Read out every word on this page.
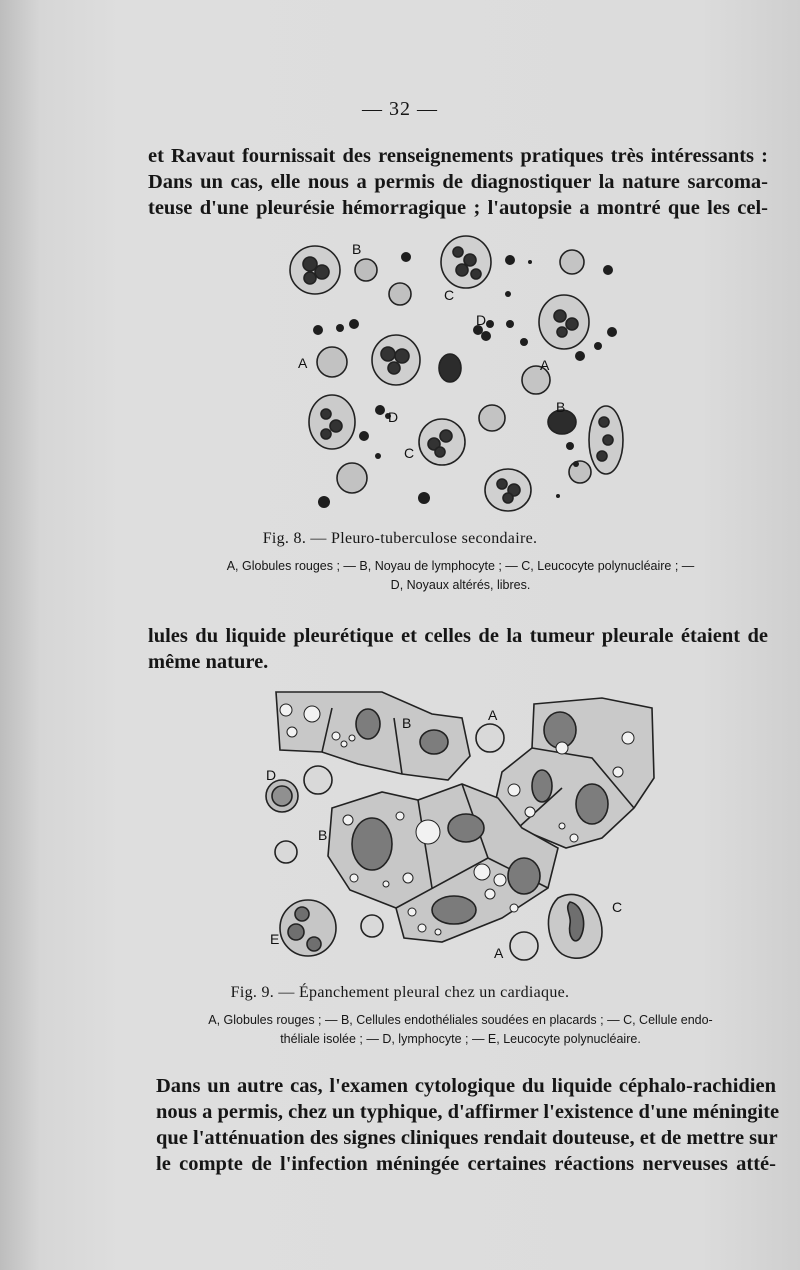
— 32 —
et Ravaut fournissait des renseignements pratiques très intéressants :
Dans un cas, elle nous a permis de diagnostiquer la nature sarcoma-
teuse d'une pleurésie hémorragique ; l'autopsie a montré que les cel-
B
C
D
A	A
B
D
C
Fig. 8. — Pleuro-tuberculose secondaire.
A, Globules rouges ; — B, Noyau de lymphocyte ; — C, Leucocyte polynucléaire ; —
D, Noyaux altérés, libres.
lules du liquide pleurétique et celles de la tumeur pleurale étaient de
même nature.
B	A
D
B
C
E
A
Fig. 9. — Épanchement pleural chez un cardiaque.
A, Globules rouges ; — B, Cellules endothéliales soudées en placards ; — C, Cellule endo-
théliale isolée ; — D, lymphocyte ; — E, Leucocyte polynucléaire.
Dans un autre cas, l'examen cytologique du liquide céphalo-rachidien
nous a permis, chez un typhique, d'affirmer l'existence d'une méningite
que l'atténuation des signes cliniques rendait douteuse, et de mettre sur
le compte de l'infection méningée certaines réactions nerveuses atté-
